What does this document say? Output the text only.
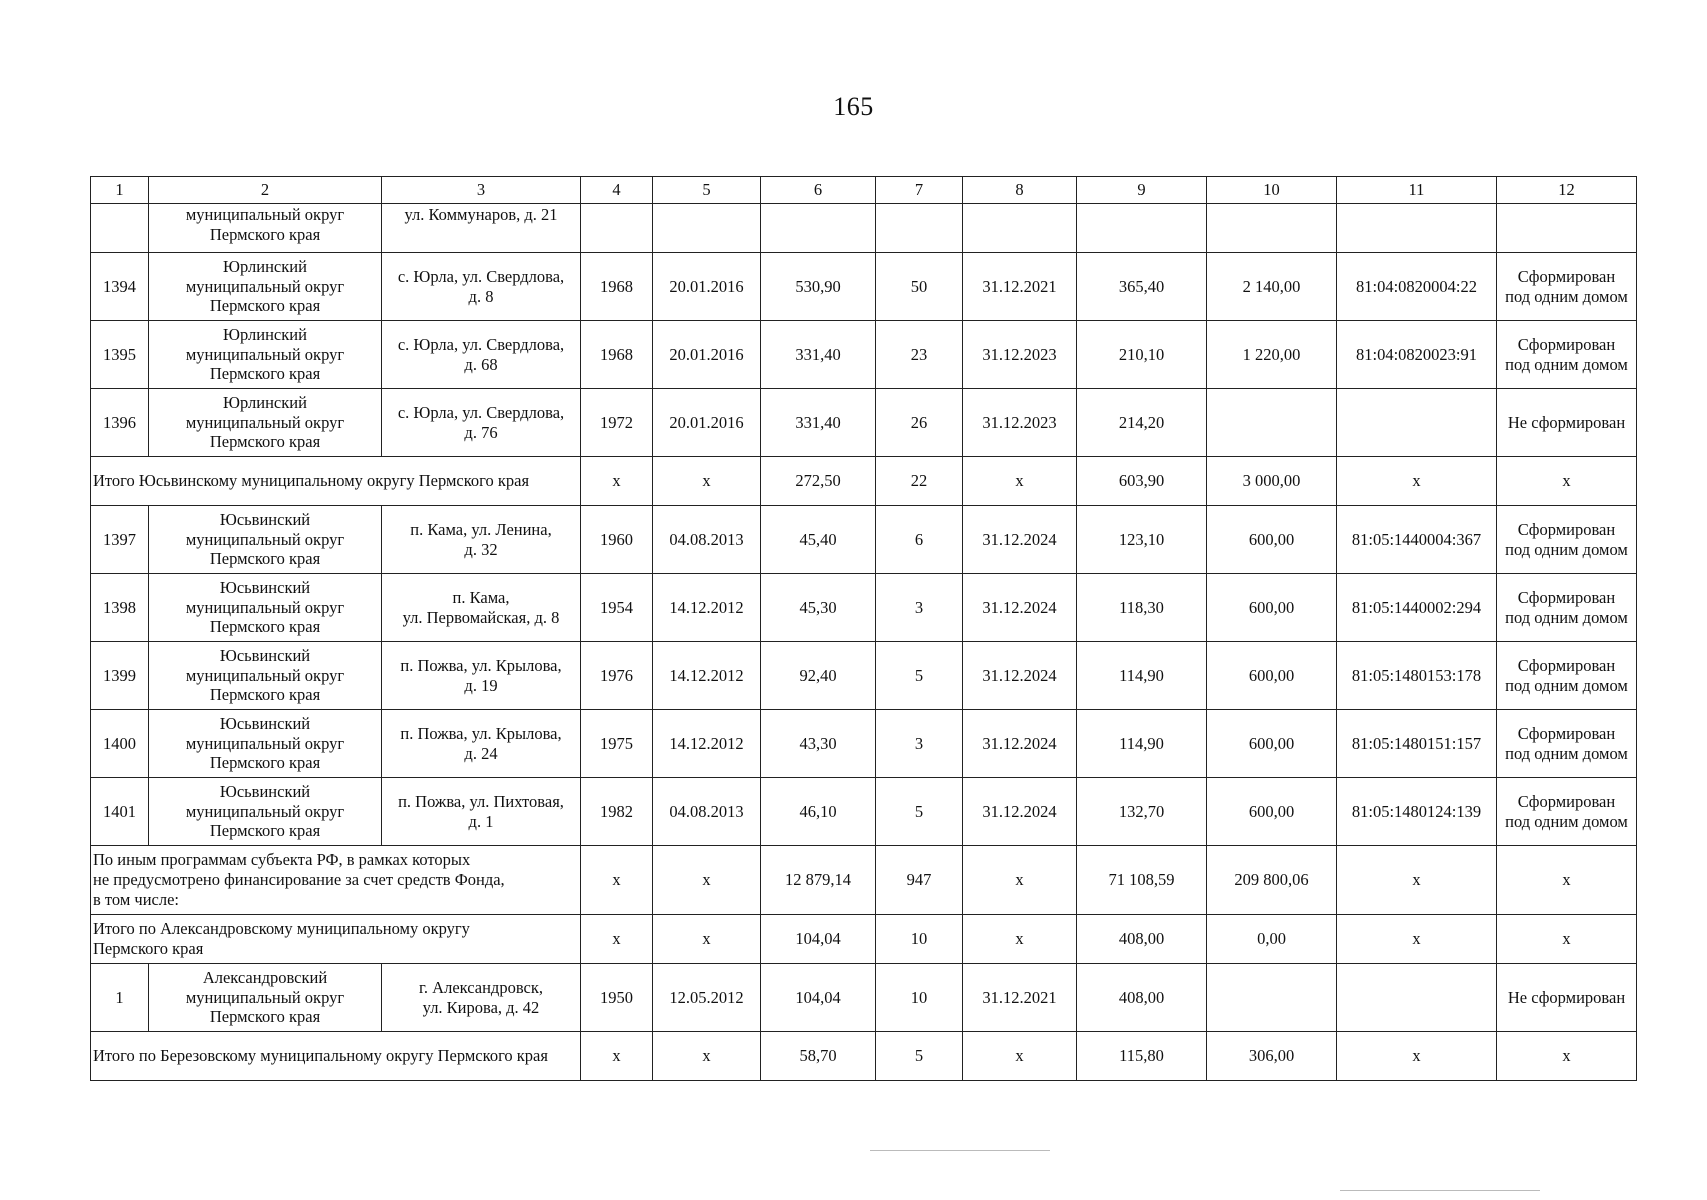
165
1	2	3	4	5	6	7	8	9	10	11	12
	муниципальный округ
Пермского края	ул. Коммунаров, д. 21									
1394	Юрлинский
муниципальный округ
Пермского края	с. Юрла, ул. Свердлова,
д. 8	1968	20.01.2016	530,90	50	31.12.2021	365,40	2 140,00	81:04:0820004:22	Сформирован
под одним домом
1395	Юрлинский
муниципальный округ
Пермского края	с. Юрла, ул. Свердлова,
д. 68	1968	20.01.2016	331,40	23	31.12.2023	210,10	1 220,00	81:04:0820023:91	Сформирован
под одним домом
1396	Юрлинский
муниципальный округ
Пермского края	с. Юрла, ул. Свердлова,
д. 76	1972	20.01.2016	331,40	26	31.12.2023	214,20			Не сформирован
Итого Юсьвинскому муниципальному округу Пермского края			х	х	272,50	22	х	603,90	3 000,00	х	х
1397	Юсьвинский
муниципальный округ
Пермского края	п. Кама, ул. Ленина,
д. 32	1960	04.08.2013	45,40	6	31.12.2024	123,10	600,00	81:05:1440004:367	Сформирован
под одним домом
1398	Юсьвинский
муниципальный округ
Пермского края	п. Кама,
ул. Первомайская, д. 8	1954	14.12.2012	45,30	3	31.12.2024	118,30	600,00	81:05:1440002:294	Сформирован
под одним домом
1399	Юсьвинский
муниципальный округ
Пермского края	п. Пожва, ул. Крылова,
д. 19	1976	14.12.2012	92,40	5	31.12.2024	114,90	600,00	81:05:1480153:178	Сформирован
под одним домом
1400	Юсьвинский
муниципальный округ
Пермского края	п. Пожва, ул. Крылова,
д. 24	1975	14.12.2012	43,30	3	31.12.2024	114,90	600,00	81:05:1480151:157	Сформирован
под одним домом
1401	Юсьвинский
муниципальный округ
Пермского края	п. Пожва, ул. Пихтовая,
д. 1	1982	04.08.2013	46,10	5	31.12.2024	132,70	600,00	81:05:1480124:139	Сформирован
под одним домом
По иным программам субъекта РФ, в рамках которых
не предусмотрено финансирование за счет средств Фонда,
в том числе:			х	х	12 879,14	947	х	71 108,59	209 800,06	х	х
Итого по Александровскому муниципальному округу
Пермского края			х	х	104,04	10	х	408,00	0,00	х	х
1	Александровский
муниципальный округ
Пермского края	г. Александровск,
ул. Кирова, д. 42	1950	12.05.2012	104,04	10	31.12.2021	408,00			Не сформирован
Итого по Березовскому муниципальному округу Пермского края			х	х	58,70	5	х	115,80	306,00	х	х
